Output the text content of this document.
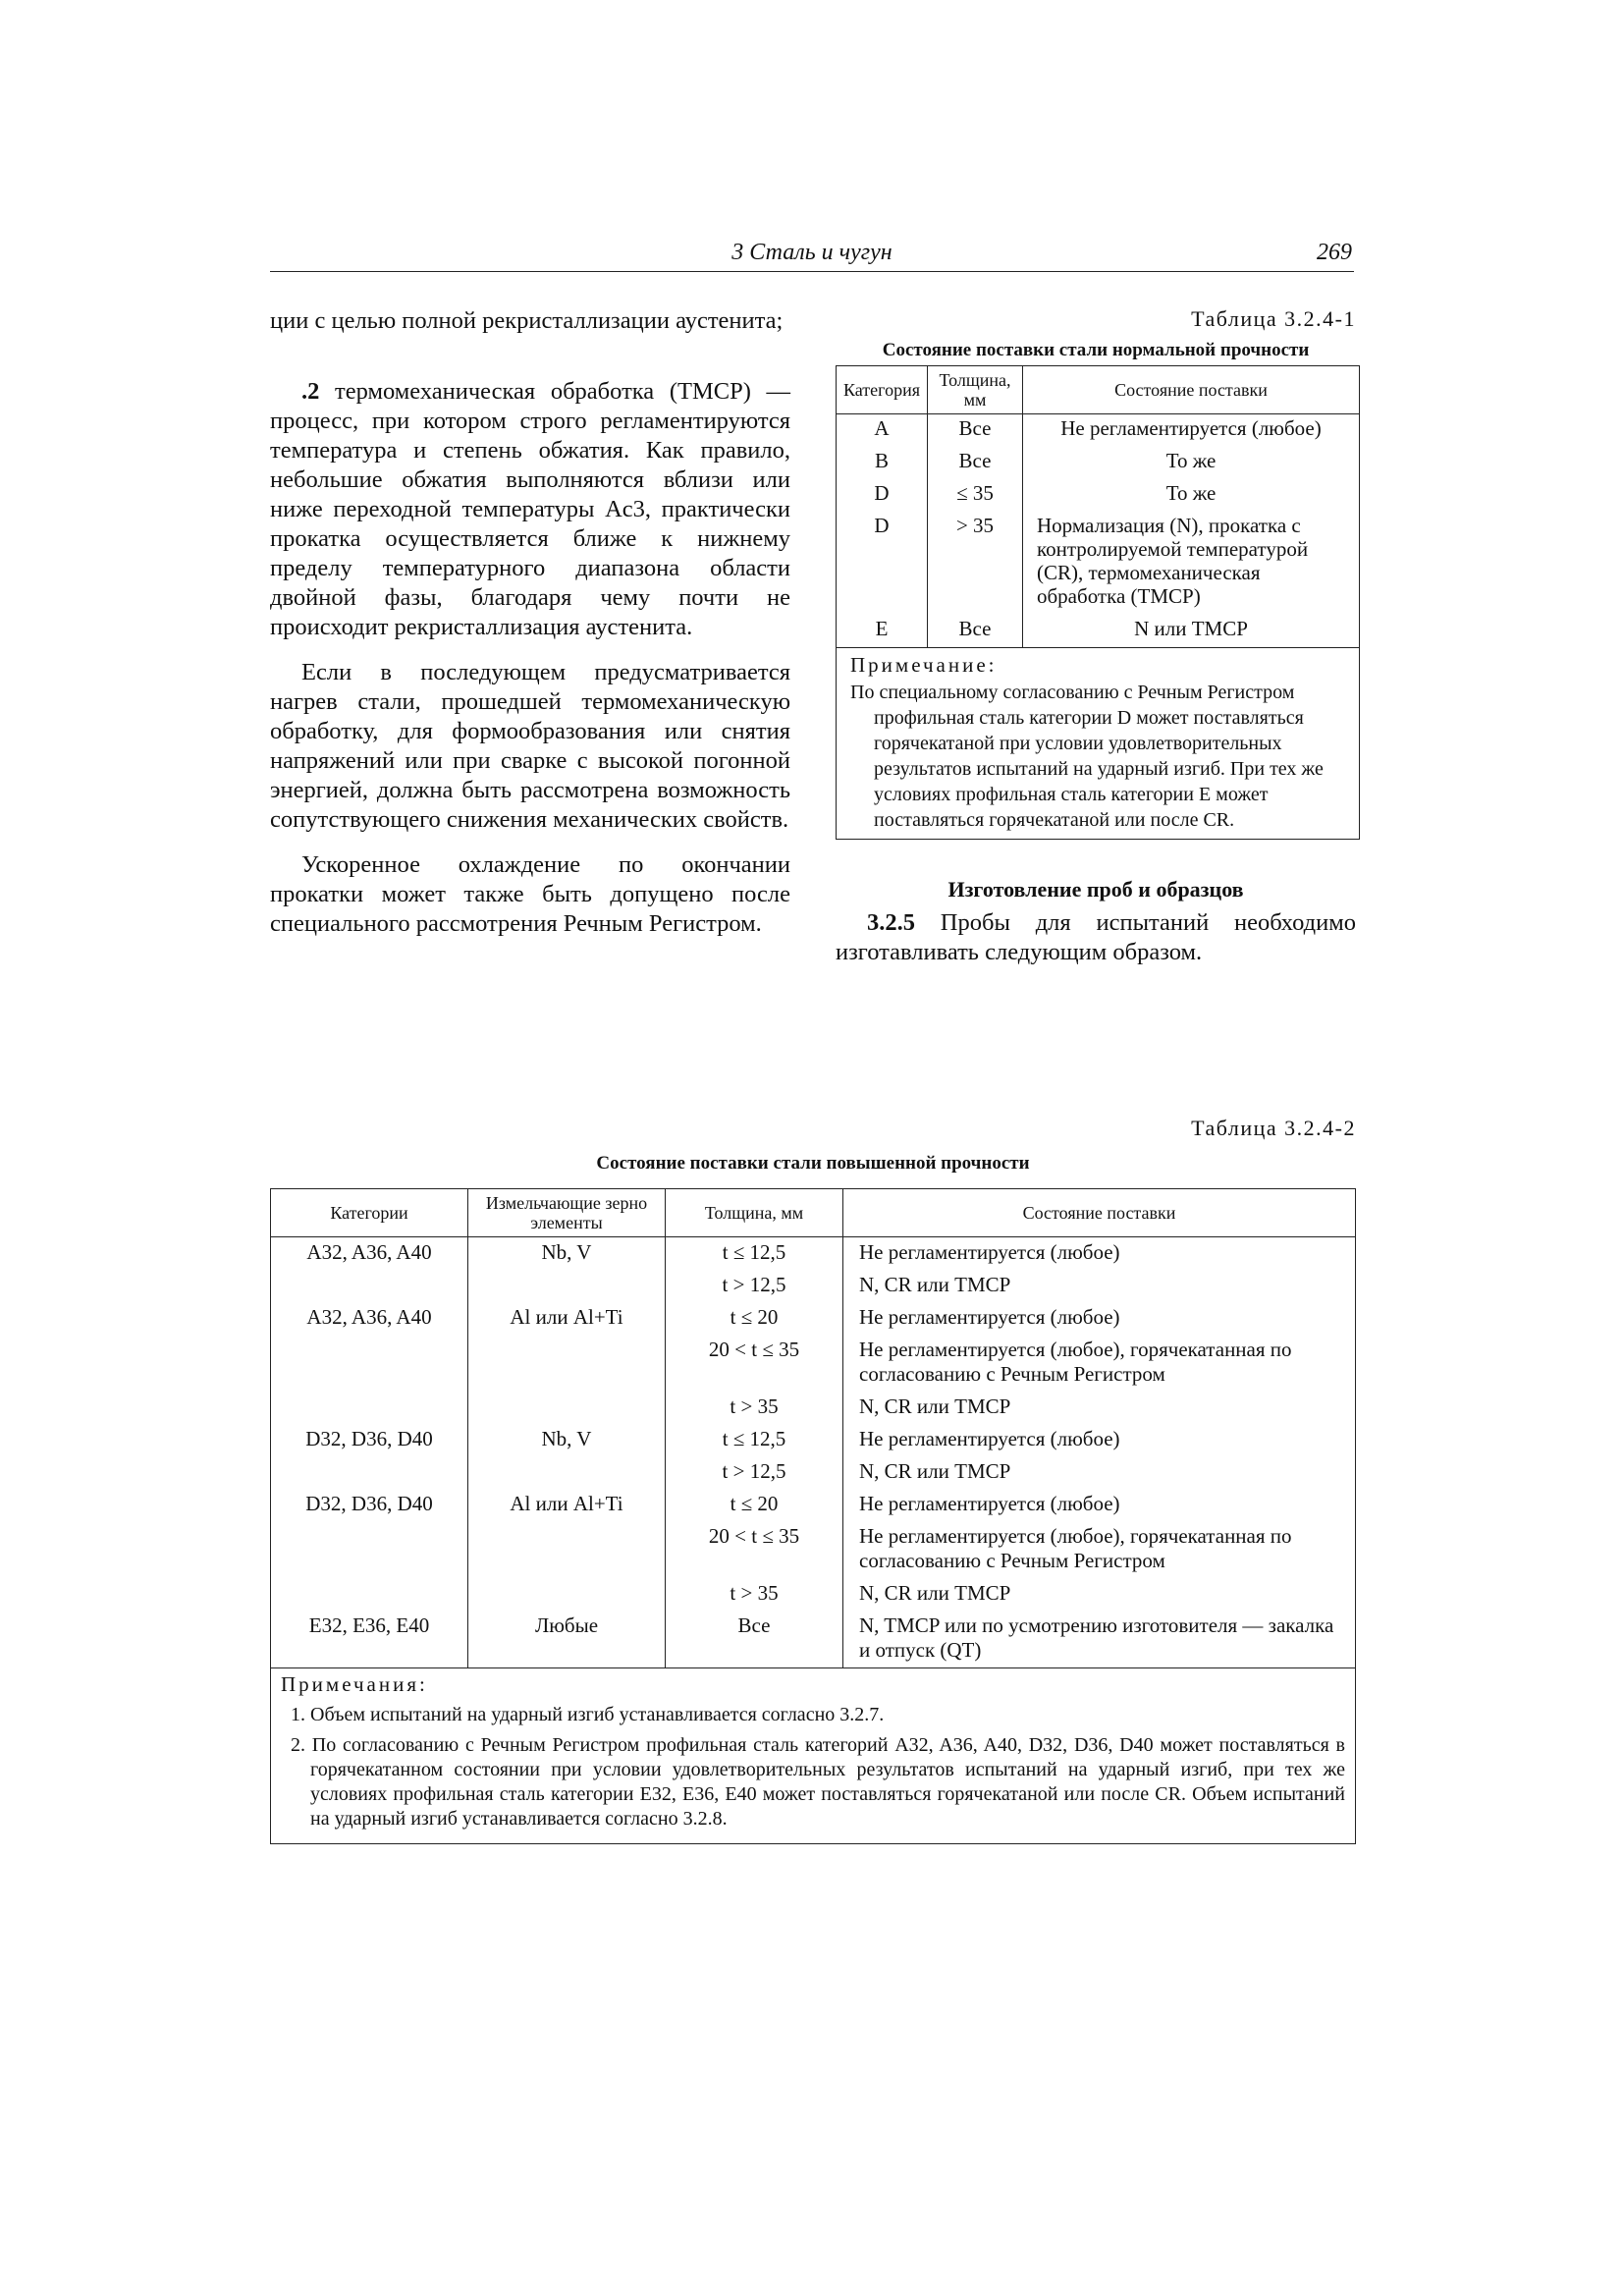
3 Сталь и чугун	269

ции с целью полной рекристаллизации аустенита;

.2 термомеханическая обработка (TMCP) — процесс, при котором строго регламентируются температура и степень обжатия. Как правило, небольшие обжатия выполняются вблизи или ниже переходной температуры Ac3, практически прокатка осуществляется ближе к нижнему пределу температурного диапазона области двойной фазы, благодаря чему почти не происходит рекристаллизация аустенита.

Если в последующем предусматривается нагрев стали, прошедшей термомеханическую обработку, для формообразования или снятия напряжений или при сварке с высокой погонной энергией, должна быть рассмотрена возможность сопутствующего снижения механических свойств.

Ускоренное охлаждение по окончании прокатки может также быть допущено после специального рассмотрения Речным Регистром.

Таблица 3.2.4-1
Состояние поставки стали нормальной прочности
Категория	Толщина, мм	Состояние поставки
A	Все	Не регламентируется (любое)
B	Все	То же
D	≤ 35	То же
D	> 35	Нормализация (N), прокатка с контролируемой температурой (CR), термомеханическая обработка (TMCP)
E	Все	N или TMCP

Примечание:
По специальному согласованию с Речным Регистром профильная сталь категории D может поставляться горячекатаной при условии удовлетворительных результатов испытаний на ударный изгиб. При тех же условиях профильная сталь категории E может поставляться горячекатаной или после CR.		
Изготовление проб и образцов

3.2.5 Пробы для испытаний необходимо изготавливать следующим образом.

Таблица 3.2.4-2
Состояние поставки стали повышенной прочности
Категории	Измельчающие зерно элементы	Толщина, мм	Состояние поставки
A32, A36, A40	Nb, V	t ≤ 12,5	Не регламентируется (любое)
		t > 12,5	N, CR или TMCP
A32, A36, A40	Al или Al+Ti	t ≤ 20	Не регламентируется (любое)
		20 < t ≤ 35	Не регламентируется (любое), горячекатанная по согласованию с Речным Регистром
		t > 35	N, CR или TMCP
D32, D36, D40	Nb, V	t ≤ 12,5	Не регламентируется (любое)
		t > 12,5	N, CR или TMCP
D32, D36, D40	Al или Al+Ti	t ≤ 20	Не регламентируется (любое)
		20 < t ≤ 35	Не регламентируется (любое), горячекатанная по согласованию с Речным Регистром
		t > 35	N, CR или TMCP
E32, E36, E40	Любые	Все	N, TMCP или по усмотрению изготовителя — закалка и отпуск (QT)

Примечания:

1. Объем испытаний на ударный изгиб устанавливается согласно 3.2.7.

2. По согласованию с Речным Регистром профильная сталь категорий A32, A36, A40, D32, D36, D40 может поставляться в горячекатанном состоянии при условии удовлетворительных результатов испытаний на ударный изгиб, при тех же условиях профильная сталь категории E32, E36, E40 может поставляться горячекатаной или после CR. Объем испытаний на ударный изгиб устанавливается согласно 3.2.8.			
